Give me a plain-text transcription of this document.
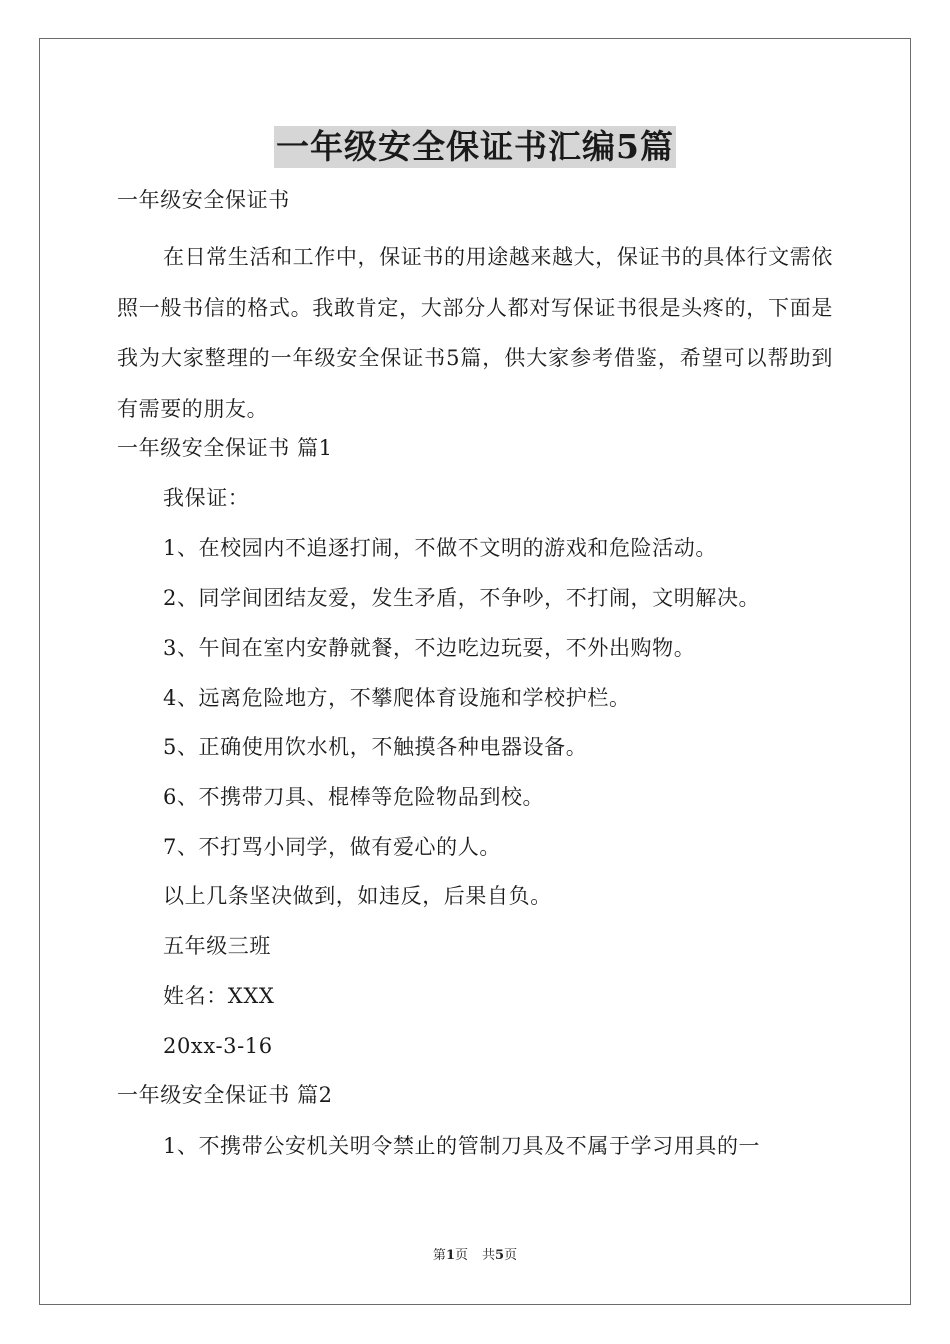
一年级安全保证书汇编5篇
一年级安全保证书
在日常生活和工作中，保证书的用途越来越大，保证书的具体行文需依照一般书信的格式。我敢肯定，大部分人都对写保证书很是头疼的，下面是我为大家整理的一年级安全保证书5篇，供大家参考借鉴，希望可以帮助到有需要的朋友。
一年级安全保证书 篇1
我保证：
1、在校园内不追逐打闹，不做不文明的游戏和危险活动。
2、同学间团结友爱，发生矛盾，不争吵，不打闹，文明解决。
3、午间在室内安静就餐，不边吃边玩耍，不外出购物。
4、远离危险地方，不攀爬体育设施和学校护栏。
5、正确使用饮水机，不触摸各种电器设备。
6、不携带刀具、棍棒等危险物品到校。
7、不打骂小同学，做有爱心的人。
以上几条坚决做到，如违反，后果自负。
五年级三班
姓名：XXX
20xx-3-16
一年级安全保证书 篇2
1、不携带公安机关明令禁止的管制刀具及不属于学习用具的一
第1页 共5页
